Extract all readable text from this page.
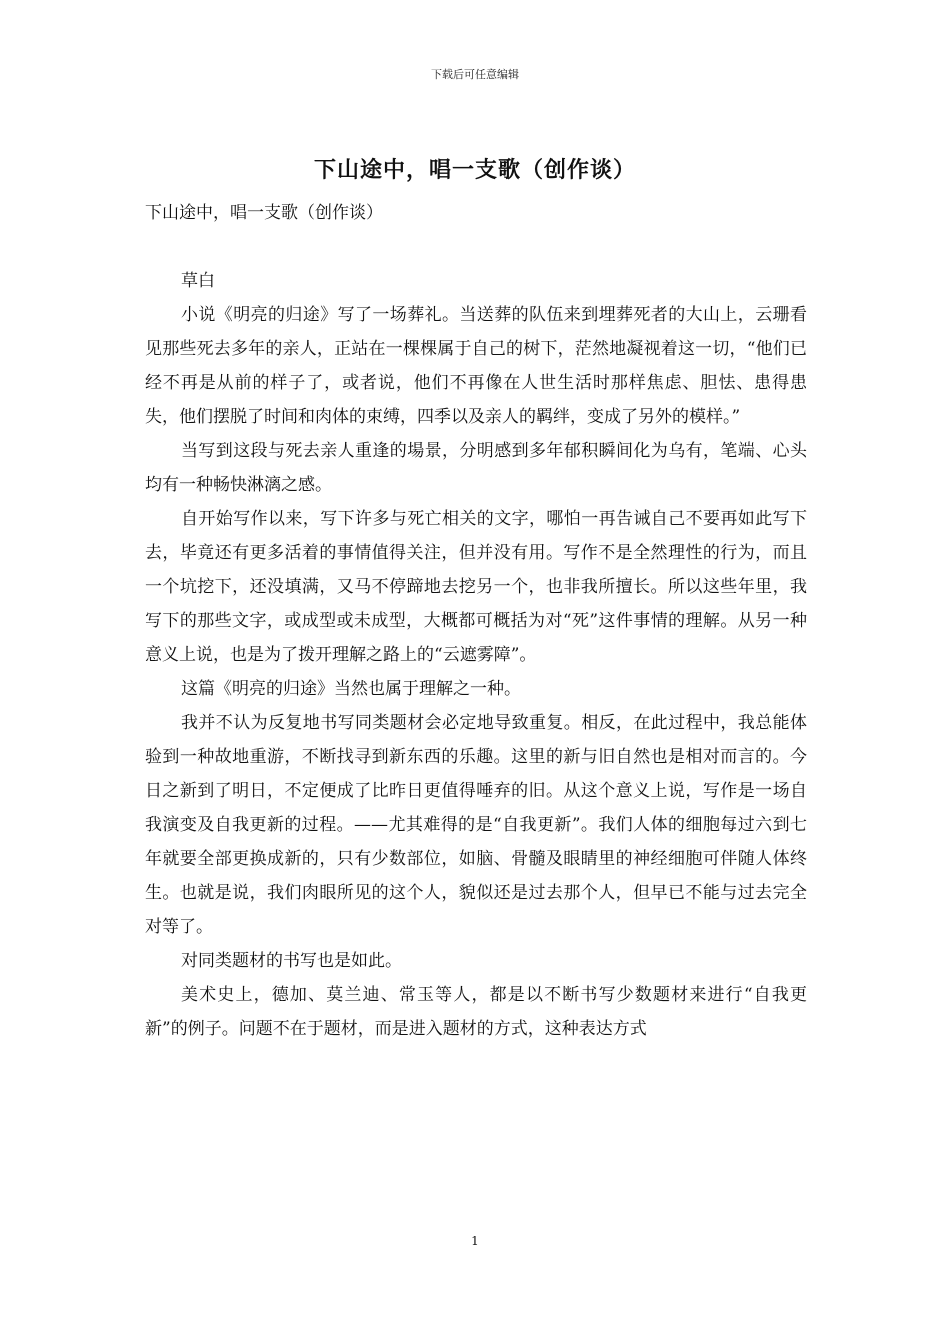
下载后可任意编辑
下山途中，唱一支歌（创作谈）

下山途中，唱一支歌（创作谈）

草白

小说《明亮的归途》写了一场葬礼。当送葬的队伍来到埋葬死者的大山上，云珊看见那些死去多年的亲人，正站在一棵棵属于自己的树下，茫然地凝视着这一切，“他们已经不再是从前的样子了，或者说，他们不再像在人世生活时那样焦虑、胆怯、患得患失，他们摆脱了时间和肉体的束缚，四季以及亲人的羁绊，变成了另外的模样。”

当写到这段与死去亲人重逢的場景，分明感到多年郁积瞬间化为乌有，笔端、心头均有一种畅快淋漓之感。

自开始写作以来，写下许多与死亡相关的文字，哪怕一再告诫自己不要再如此写下去，毕竟还有更多活着的事情值得关注，但并没有用。写作不是全然理性的行为，而且一个坑挖下，还没填满，又马不停蹄地去挖另一个，也非我所擅长。所以这些年里，我写下的那些文字，或成型或未成型，大概都可概括为对“死”这件事情的理解。从另一种意义上说，也是为了拨开理解之路上的“云遮雾障”。

这篇《明亮的归途》当然也属于理解之一种。

我并不认为反复地书写同类题材会必定地导致重复。相反，在此过程中，我总能体验到一种故地重游，不断找寻到新东西的乐趣。这里的新与旧自然也是相对而言的。今日之新到了明日，不定便成了比昨日更值得唾弃的旧。从这个意义上说，写作是一场自我演变及自我更新的过程。——尤其难得的是“自我更新”。我们人体的细胞每过六到七年就要全部更换成新的，只有少数部位，如脑、骨髓及眼睛里的神经细胞可伴随人体终生。也就是说，我们肉眼所见的这个人，貌似还是过去那个人，但早已不能与过去完全对等了。

对同类题材的书写也是如此。

美术史上，德加、莫兰迪、常玉等人，都是以不断书写少数题材来进行“自我更新”的例子。问题不在于题材，而是进入题材的方式，这种表达方式

1
